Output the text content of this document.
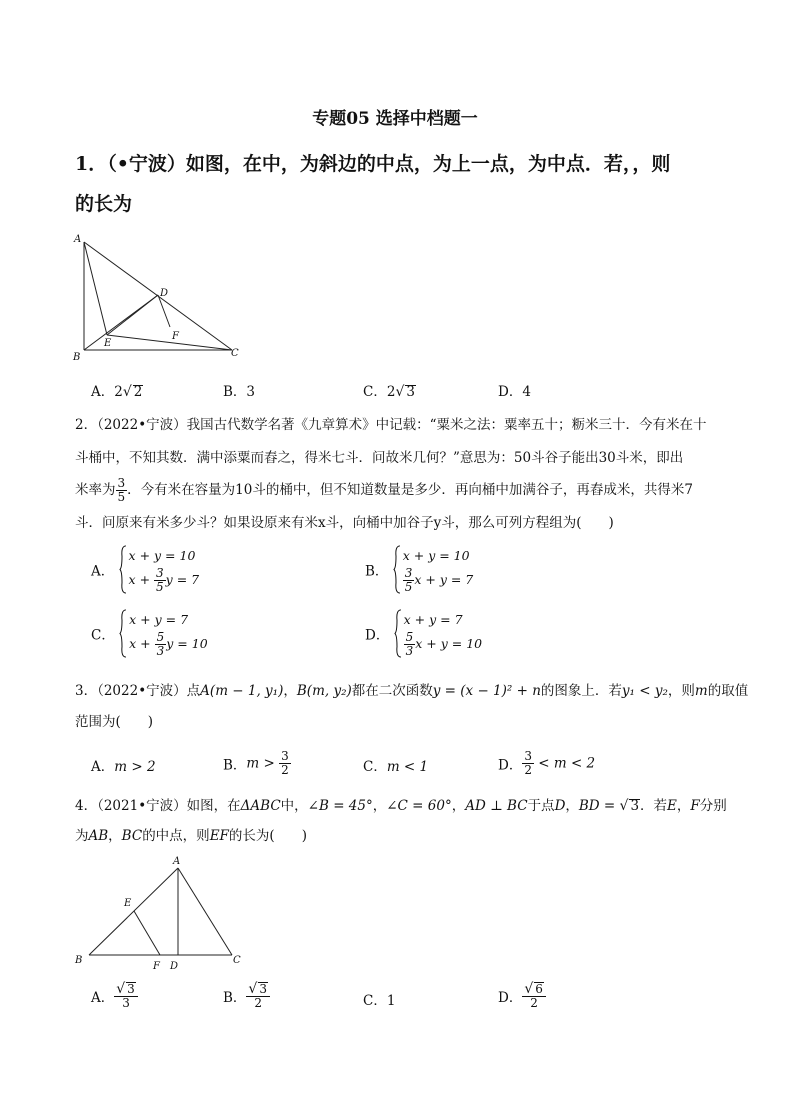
专题05 选择中档题一
1．（•宁波）如图，在中，为斜边的中点，为上一点，为中点．若，，则
的长为
A
D
F
E
B	C
A．2√ 2	B．3	C．2√ 3	D．4
2．（2022•宁波）我国古代数学名著《九章算术》中记载：“粟米之法：粟率五十；粝米三十．今有米在十
斗桶中，不知其数．满中添粟而舂之，得米七斗．问故米几何？”意思为：50斗谷子能出30斗米，即出
米率为 $\frac{3}{5}$ ．今有米在容量为10斗的桶中，但不知道数量是多少．再向桶中加满谷子，再舂成米，共得米7
斗．问原来有米多少斗？如果设原来有米x斗，向桶中加谷子y斗，那么可列方程组为(　　)
A．
x + y = 10
$x + \frac{3}{5}$ y = 7	B．
x + y = 10
$\frac{3}{5}$ x + y = 7
C．
x + y = 7
$x + \frac{5}{3}$ y = 10	D．
x + y = 7
$\frac{5}{3}$ x + y = 10
3．（2022•宁波）点A(m − 1, y₁)，B(m, y₂)都在二次函数y = (x − 1)² + n的图象上．若y₁ < y₂，则m的取值
范围为(　　)
A．m > 2	B．$m > \frac{3}{2}$	C．m < 1	D． $\frac{3}{2} < m < 2$
4．（2021•宁波）如图，在ΔABC中，∠B = 45°，∠C = 60°，AD ⊥ BC于点D，BD = √ 3．若E，F分别
为AB，BC的中点，则EF的长为(　　)
A
E
B
F D
C
A． $\frac{√ 3}{3}$	B． $\frac{√ 3}{2}$	C．1	D． $\frac{√ 6}{2}$
